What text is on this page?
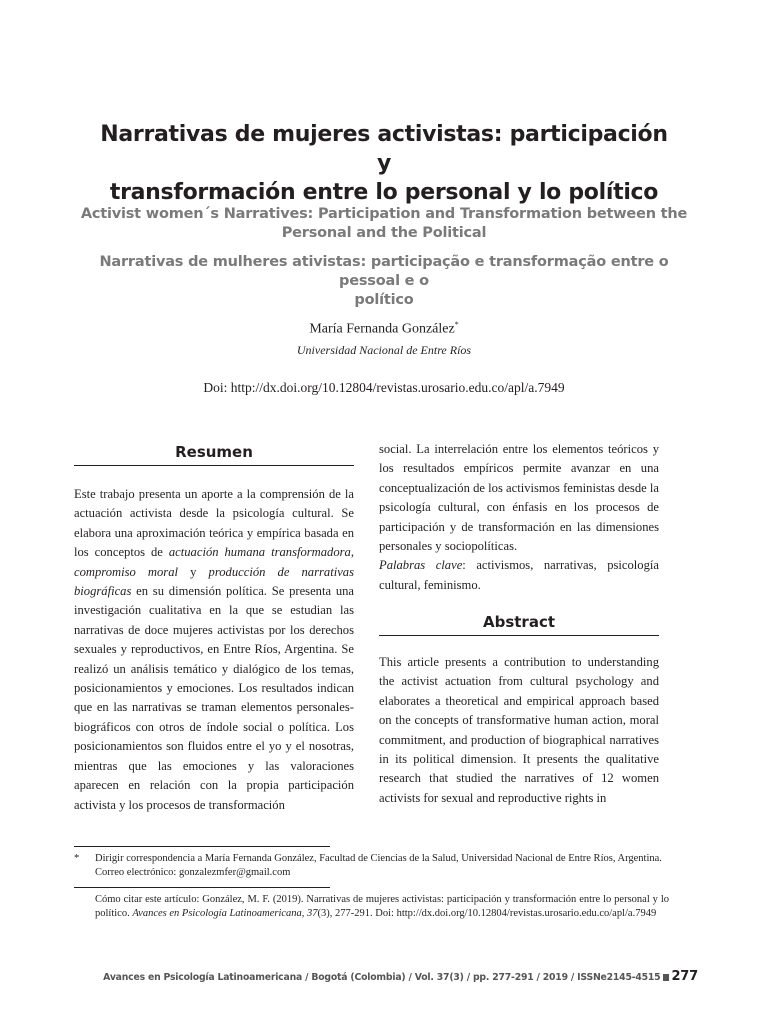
Narrativas de mujeres activistas: participación y
transformación entre lo personal y lo político
Activist women´s Narratives: Participation and Transformation between the
Personal and the Political
Narrativas de mulheres ativistas: participação e transformação entre o pessoal e o
político
María Fernanda González*
Universidad Nacional de Entre Ríos
Doi: http://dx.doi.org/10.12804/revistas.urosario.edu.co/apl/a.7949
Resumen

Este trabajo presenta un aporte a la comprensión de la actuación activista desde la psicología cultural. Se elabora una aproximación teórica y empírica basada en los conceptos de actuación humana transformadora, compromiso moral y producción de narrativas biográficas en su dimensión política. Se presenta una investigación cualitativa en la que se estudian las narrativas de doce mujeres activistas por los derechos sexuales y reproductivos, en Entre Ríos, Argentina. Se realizó un análisis temático y dialógico de los temas, posicionamientos y emociones. Los resultados indican que en las narrativas se traman elementos personales-biográficos con otros de índole social o política. Los posicionamientos son fluidos entre el yo y el nosotras, mientras que las emociones y las valoraciones aparecen en relación con la propia participación activista y los procesos de transformación

social. La interrelación entre los elementos teóricos y los resultados empíricos permite avanzar en una conceptualización de los activismos feministas desde la psicología cultural, con énfasis en los procesos de participación y de transformación en las dimensiones personales y sociopolíticas.

Palabras clave: activismos, narrativas, psicología cultural, feminismo.

Abstract

This article presents a contribution to understanding the activist actuation from cultural psychology and elaborates a theoretical and empirical approach based on the concepts of transformative human action, moral commitment, and production of biographical narratives in its political dimension. It presents the qualitative research that studied the narratives of 12 women activists for sexual and reproductive rights in

* Dirigir correspondencia a María Fernanda González, Facultad de Ciencias de la Salud, Universidad Nacional de Entre Ríos, Argentina. Correo electrónico: gonzalezmfer@gmail.com
Cómo citar este artículo: González, M. F. (2019). Narrativas de mujeres activistas: participación y transformación entre lo personal y lo político. Avances en Psicología Latinoamericana, 37(3), 277-291. Doi: http://dx.doi.org/10.12804/revistas.urosario.edu.co/apl/a.7949
Avances en Psicología Latinoamericana / Bogotá (Colombia) / Vol. 37(3) / pp. 277-291 / 2019 / ISSNe2145-4515 277
